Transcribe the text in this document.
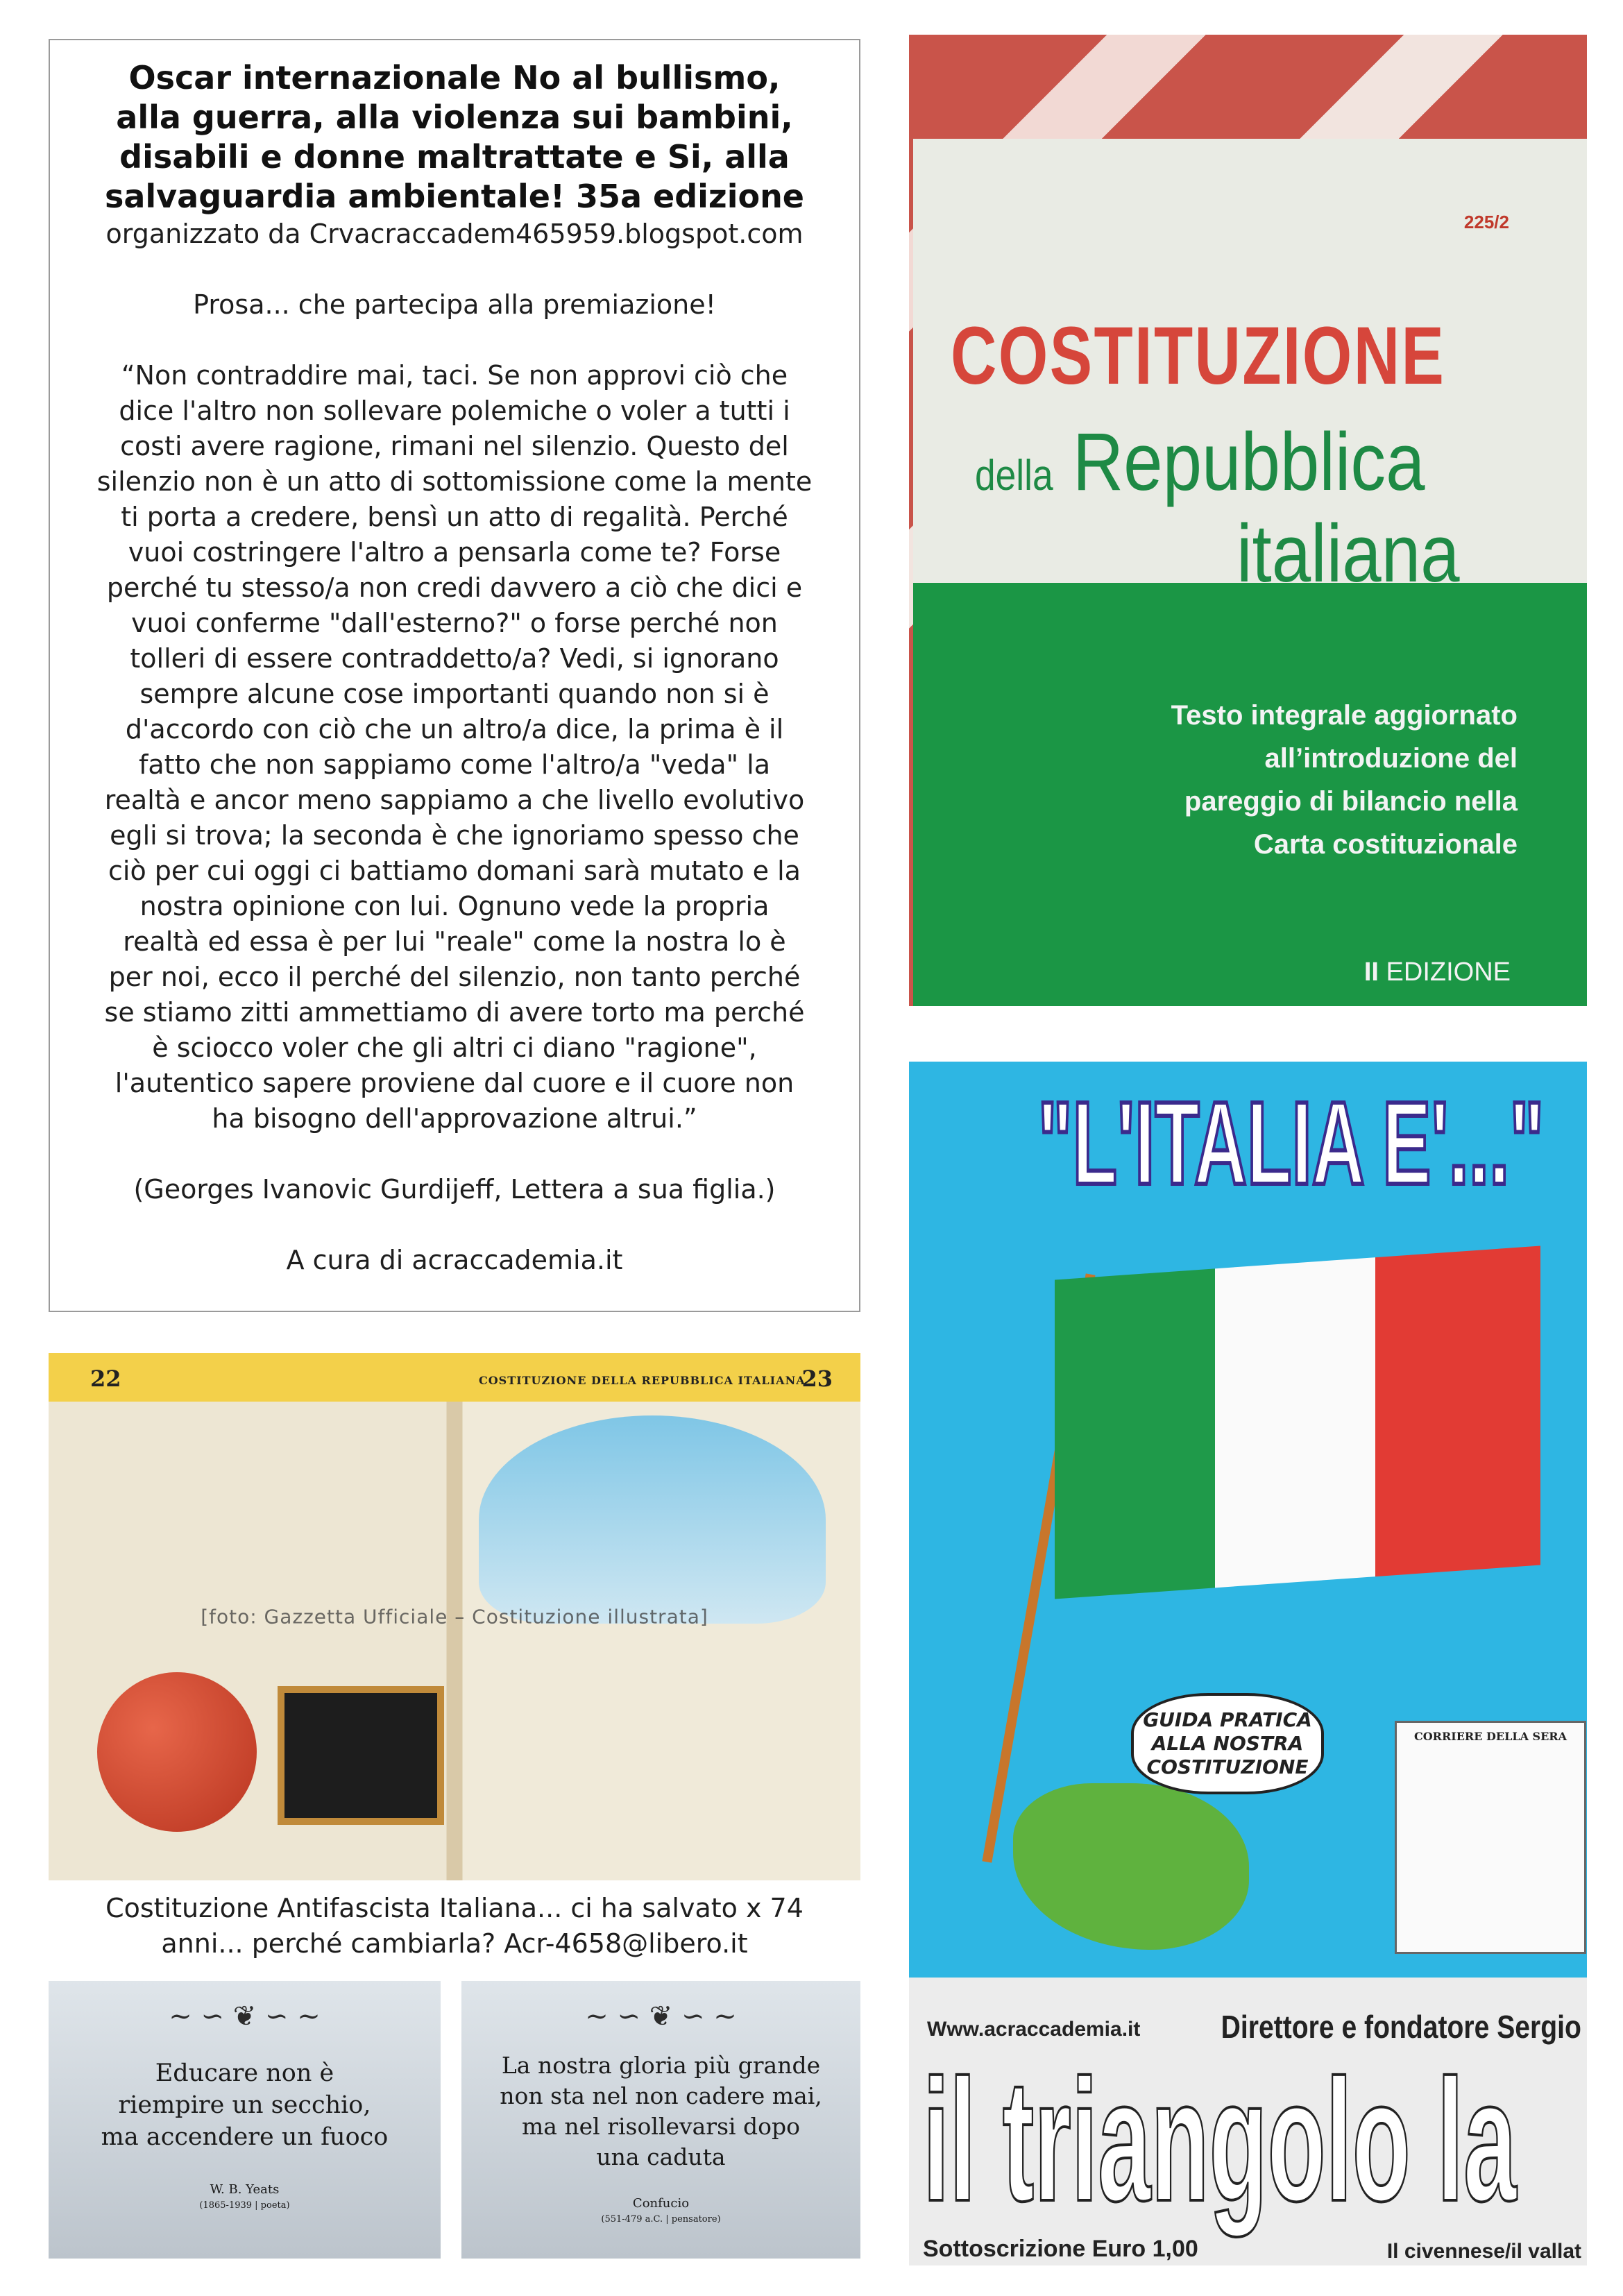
Oscar internazionale No al bullismo,
alla guerra, alla violenza sui bambini,
disabili e donne maltrattate e Si, alla
salvaguardia ambientale! 35a edizione

organizzato da Crvacraccadem465959.blogspot.com

Prosa... che partecipa alla premiazione!

“Non contraddire mai, taci. Se non approvi ciò che
dice l'altro non sollevare polemiche o voler a tutti i
costi avere ragione, rimani nel silenzio. Questo del
silenzio non è un atto di sottomissione come la mente
ti porta a credere, bensì un atto di regalità. Perché
vuoi costringere l'altro a pensarla come te? Forse
perché tu stesso/a non credi davvero a ciò che dici e
vuoi conferme "dall'esterno?" o forse perché non
tolleri di essere contraddetto/a? Vedi, si ignorano
sempre alcune cose importanti quando non si è
d'accordo con ciò che un altro/a dice, la prima è il
fatto che non sappiamo come l'altro/a "veda" la
realtà e ancor meno sappiamo a che livello evolutivo
egli si trova; la seconda è che ignoriamo spesso che
ciò per cui oggi ci battiamo domani sarà mutato e la
nostra opinione con lui. Ognuno vede la propria
realtà ed essa è per lui "reale" come la nostra lo è
per noi, ecco il perché del silenzio, non tanto perché
se stiamo zitti ammettiamo di avere torto ma perché
è sciocco voler che gli altri ci diano "ragione",
l'autentico sapere proviene dal cuore e il cuore non
ha bisogno dell'approvazione altrui.”

(Georges Ivanovic Gurdijeff, Lettera a sua figlia.)

A cura di acraccademia.it

225/2
COSTITUZIONE
della Repubblica
italiana
Testo integrale aggiornato
all’introduzione del
pareggio di bilancio nella
Carta costituzionale
II EDIZIONE
22	COSTITUZIONE DELLA REPUBBLICA ITALIANA
23
[foto: Gazzetta Ufficiale – Costituzione illustrata]
Costituzione Antifascista Italiana... ci ha salvato x 74
anni... perché cambiarla? Acr-4658@libero.it
~ ∽ ❦ ∽ ~
Educare non è
riempire un secchio,
ma accendere un fuoco
W. B. Yeats
(1865-1939 | poeta)
~ ∽ ❦ ∽ ~
La nostra gloria più grande
non sta nel non cadere mai,
ma nel risollevarsi dopo
una caduta
Confucio
(551-479 a.C. | pensatore)
"L'ITALIA E'..."
GUIDA PRATICA
ALLA NOSTRA
COSTITUZIONE
CORRIERE DELLA SERA
Www.acraccademia.it	Direttore e fondatore Sergio
il triangolo la
Sottoscrizione Euro 1,00	Il civennese/il vallat
